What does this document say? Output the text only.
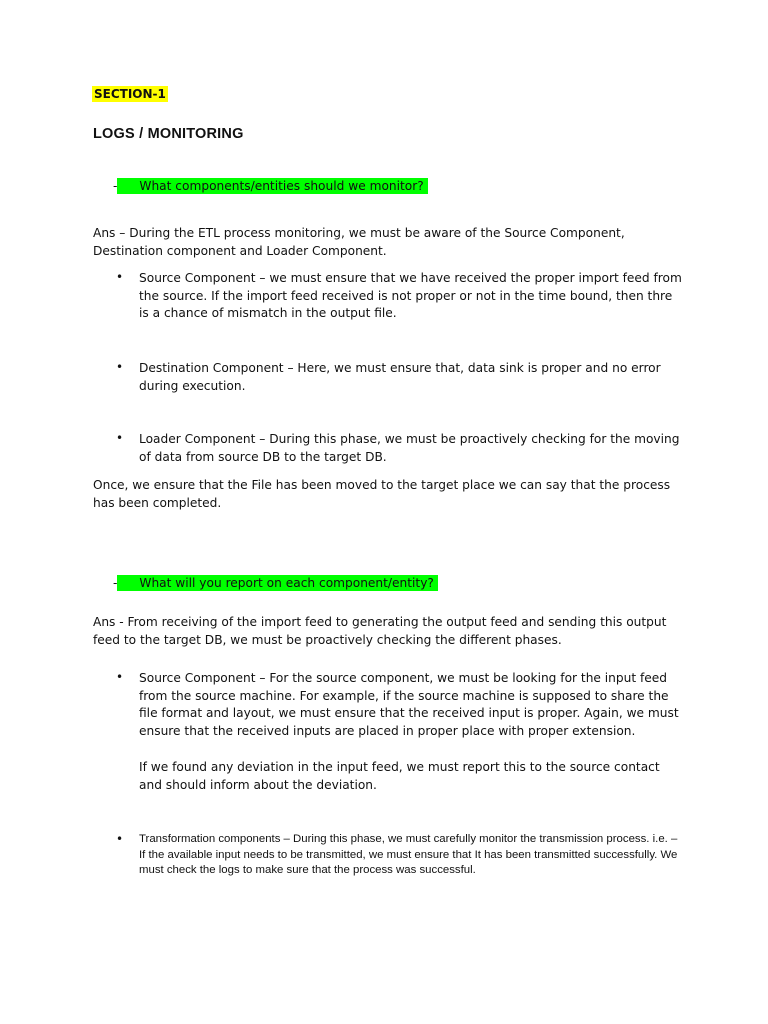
SECTION-1
LOGS / MONITORING
- What components/entities should we monitor?
Ans – During the ETL process monitoring, we must be aware of the Source Component, Destination component and Loader Component.
• Source Component – we must ensure that we have received the proper import feed from the source. If the import feed received is not proper or not in the time bound, then thre is a chance of mismatch in the output file.
• Destination Component – Here, we must ensure that, data sink is proper and no error during execution.
• Loader Component – During this phase, we must be proactively checking for the moving of data from source DB to the target DB.
Once, we ensure that the File has been moved to the target place we can say that the process has been completed.
- What will you report on each component/entity?
Ans - From receiving of the import feed to generating the output feed and sending this output feed to the target DB, we must be proactively checking the different phases.
• Source Component – For the source component, we must be looking for the input feed from the source machine. For example, if the source machine is supposed to share the file format and layout, we must ensure that the received input is proper. Again, we must ensure that the received inputs are placed in proper place with proper extension.
If we found any deviation in the input feed, we must report this to the source contact and should inform about the deviation.
• Transformation components – During this phase, we must carefully monitor the transmission process. i.e. – If the available input needs to be transmitted, we must ensure that It has been transmitted successfully. We must check the logs to make sure that the process was successful.
